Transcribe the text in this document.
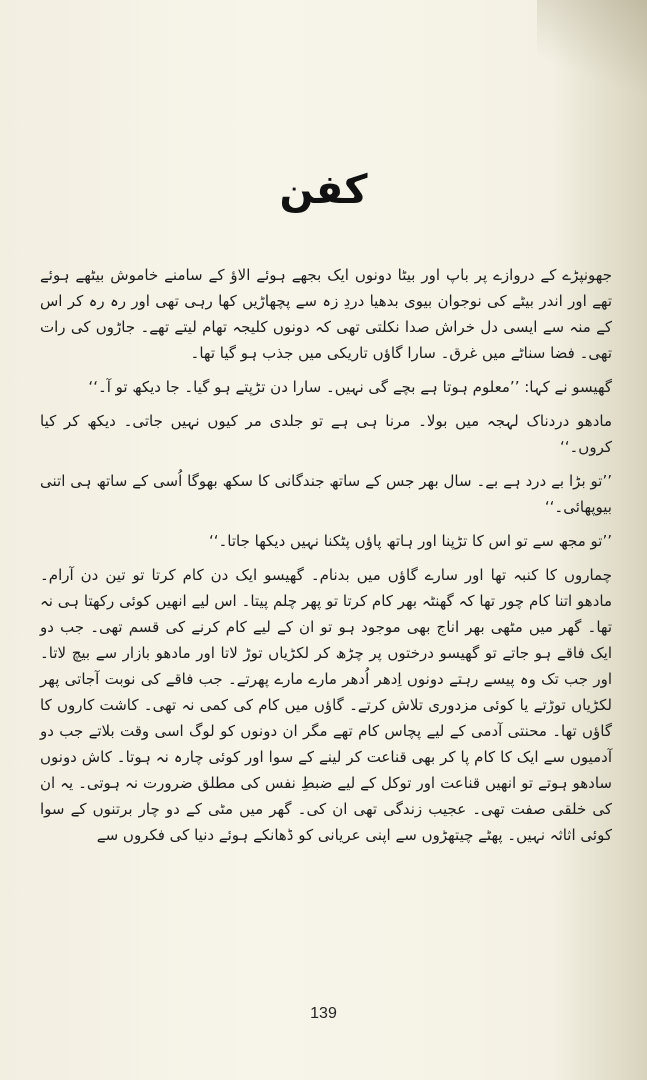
کفن

جھونپڑے کے دروازے پر باپ اور بیٹا دونوں ایک بجھے ہوئے الاؤ کے سامنے خاموش بیٹھے ہوئے تھے اور اندر بیٹے کی نوجوان بیوی بدھیا دردِ زہ سے پچھاڑیں کھا رہی تھی اور رہ رہ کر اس کے منہ سے ایسی دل خراش صدا نکلتی تھی کہ دونوں کلیجہ تھام لیتے تھے۔ جاڑوں کی رات تھی۔ فضا سناٹے میں غرق۔ سارا گاؤں تاریکی میں جذب ہو گیا تھا۔

گھیسو نے کہا: ’’معلوم ہوتا ہے بچے گی نہیں۔ سارا دن تڑپتے ہو گیا۔ جا دیکھ تو آ۔‘‘

مادھو دردناک لہجہ میں بولا۔ مرنا ہی ہے تو جلدی مر کیوں نہیں جاتی۔ دیکھ کر کیا کروں۔‘‘

’’تو بڑا بے درد ہے بے۔ سال بھر جس کے ساتھ جندگانی کا سکھ بھوگا اُسی کے ساتھ ہی اتنی بیوپھائی۔‘‘

’’تو مجھ سے تو اس کا تڑپنا اور ہاتھ پاؤں پٹکنا نہیں دیکھا جاتا۔‘‘

چماروں کا کنبہ تھا اور سارے گاؤں میں بدنام۔ گھیسو ایک دن کام کرتا تو تین دن آرام۔ مادھو اتنا کام چور تھا کہ گھنٹہ بھر کام کرتا تو پھر چلم پیتا۔ اس لیے انھیں کوئی رکھتا ہی نہ تھا۔ گھر میں مٹھی بھر اناج بھی موجود ہو تو ان کے لیے کام کرنے کی قسم تھی۔ جب دو ایک فاقے ہو جاتے تو گھیسو درختوں پر چڑھ کر لکڑیاں توڑ لاتا اور مادھو بازار سے بیچ لاتا۔ اور جب تک وہ پیسے رہتے دونوں اِدھر اُدھر مارے مارے پھرتے۔ جب فاقے کی نوبت آجاتی پھر لکڑیاں توڑتے یا کوئی مزدوری تلاش کرتے۔ گاؤں میں کام کی کمی نہ تھی۔ کاشت کاروں کا گاؤں تھا۔ محنتی آدمی کے لیے پچاس کام تھے مگر ان دونوں کو لوگ اسی وقت بلاتے جب دو آدمیوں سے ایک کا کام پا کر بھی قناعت کر لینے کے سوا اور کوئی چارہ نہ ہوتا۔ کاش دونوں سادھو ہوتے تو انھیں قناعت اور توکل کے لیے ضبطِ نفس کی مطلق ضرورت نہ ہوتی۔ یہ ان کی خلقی صفت تھی۔ عجیب زندگی تھی ان کی۔ گھر میں مٹی کے دو چار برتنوں کے سوا کوئی اثاثہ نہیں۔ پھٹے چیتھڑوں سے اپنی عریانی کو ڈھانکے ہوئے دنیا کی فکروں سے

139
